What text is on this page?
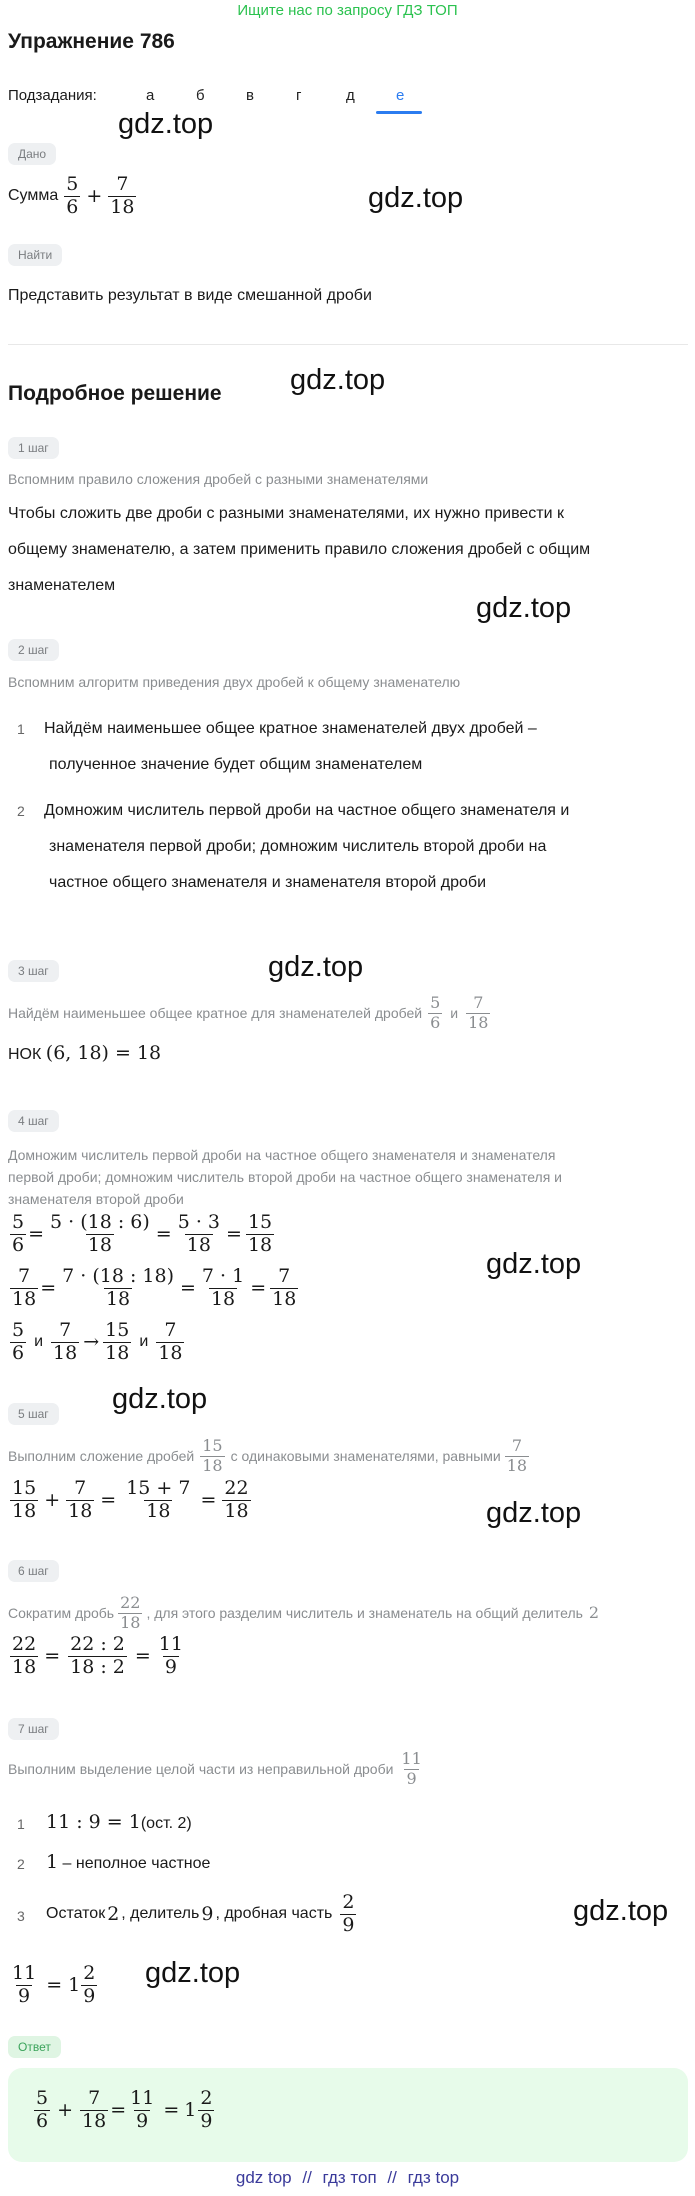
Ищите нас по запросу ГДЗ ТОП
Упражнение 786
Подзадания:	а	б	в	г	д	е
Дано
gdz.top
Сумма $\frac{5}{6} + \frac{7}{18}$	gdz.top
Найти
Представить результат в виде смешанной дроби
gdz.top
Подробное решение
1 шаг
Вспомним правило сложения дробей с разными знаменателями
Чтобы сложить две дроби с разными знаменателями, их нужно привести к
общему знаменателю, а затем применить правило сложения дробей с общим
знаменателем
gdz.top
2 шаг
Вспомним алгоритм приведения двух дробей к общему знаменателю
1 Найдём наименьшее общее кратное знаменателей двух дробей –
полученное значение будет общим знаменателем
2 Домножим числитель первой дроби на частное общего знаменателя и
знаменателя первой дроби; домножим числитель второй дроби на
частное общего знаменателя и знаменателя второй дроби
gdz.top
3 шаг
Найдём наименьшее общее кратное для знаменателей дробей $\frac{5}{6}$ и $\frac{7}{18}$
НОК (6, 18) = 18
4 шаг
Домножим числитель первой дроби на частное общего знаменателя и знаменателя
первой дроби; домножим числитель второй дроби на частное общего знаменателя и
знаменателя второй дроби
$\frac{5}{6} = \frac{5 \cdot (18 : 6)}{18} = \frac{5 \cdot 3}{18} = \frac{15}{18}$
gdz.top
$\frac{7}{18} = \frac{7 \cdot (18 : 18)}{18} = \frac{7 \cdot 1}{18} = \frac{7}{18}$
$\frac{5}{6}$ и $\frac{7}{18} \to \frac{15}{18}$ и $\frac{7}{18}$
gdz.top
5 шаг
Выполним сложение дробей $\frac{15}{18}$ с одинаковыми знаменателями, равными $\frac{7}{18}$
$\frac{15}{18} + \frac{7}{18} = \frac{15 + 7}{18} = \frac{22}{18}$	gdz.top
6 шаг
Сократим дробь $\frac{22}{18}$ , для этого разделим числитель и знаменатель на общий делитель 2
$\frac{22}{18} = \frac{22 : 2}{18 : 2} = \frac{11}{9}$
7 шаг
Выполним выделение целой части из неправильной дроби $\frac{11}{9}$
1 11 : 9 = 1(ост. 2)
2 1 – неполное частное
3 Остаток 2 , делитель 9 , дробная часть $\frac{2}{9}$	gdz.top
$\frac{11}{9} = 1 \frac{2}{9} gdz.top$
Ответ
$\frac{5}{6} + \frac{7}{18} = \frac{11}{9} = 1 \frac{2}{9}$
gdz top // гдз топ // гдз top
